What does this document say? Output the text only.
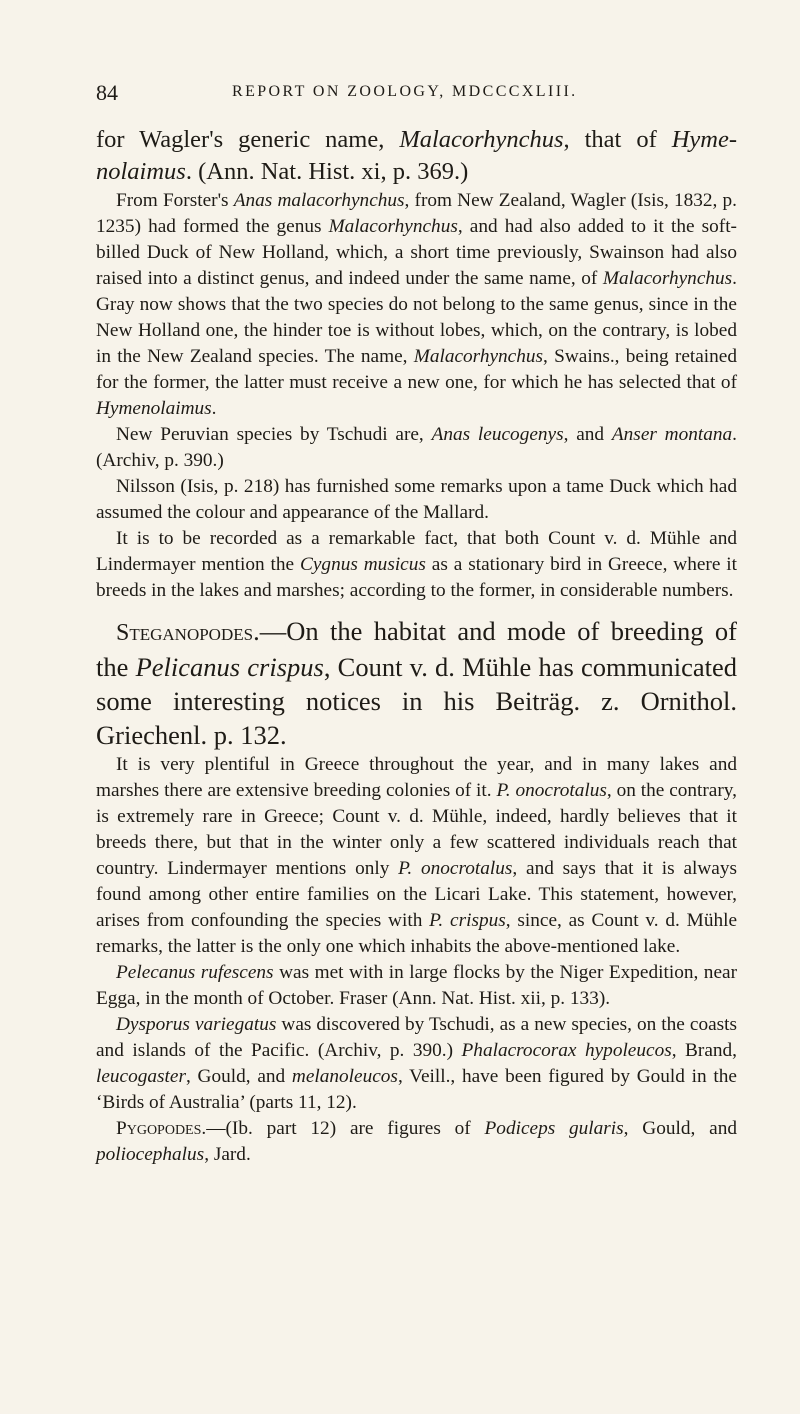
84	REPORT ON ZOOLOGY, MDCCCXLIII.

for Wagler's generic name, Malacorhynchus, that of Hymenolaimus. (Ann. Nat. Hist. xi, p. 369.)

From Forster's Anas malacorhynchus, from New Zealand, Wagler (Isis, 1832, p. 1235) had formed the genus Malacorhynchus, and had also added to it the soft-billed Duck of New Holland, which, a short time previously, Swainson had also raised into a distinct genus, and indeed under the same name, of Malacorhynchus. Gray now shows that the two species do not belong to the same genus, since in the New Holland one, the hinder toe is without lobes, which, on the contrary, is lobed in the New Zealand species. The name, Malacorhynchus, Swains., being retained for the former, the latter must receive a new one, for which he has selected that of Hymenolaimus.

New Peruvian species by Tschudi are, Anas leucogenys, and Anser montana. (Archiv, p. 390.)

Nilsson (Isis, p. 218) has furnished some remarks upon a tame Duck which had assumed the colour and appearance of the Mallard.

It is to be recorded as a remarkable fact, that both Count v. d. Mühle and Lindermayer mention the Cygnus musicus as a stationary bird in Greece, where it breeds in the lakes and marshes; according to the former, in considerable numbers.

Steganopodes.—On the habitat and mode of breeding of the Pelicanus crispus, Count v. d. Mühle has communicated some interesting notices in his Beiträg. z. Ornithol. Griechenl. p. 132.

It is very plentiful in Greece throughout the year, and in many lakes and marshes there are extensive breeding colonies of it. P. onocrotalus, on the contrary, is extremely rare in Greece; Count v. d. Mühle, indeed, hardly believes that it breeds there, but that in the winter only a few scattered individuals reach that country. Lindermayer mentions only P. onocrotalus, and says that it is always found among other entire families on the Licari Lake. This statement, however, arises from confounding the species with P. crispus, since, as Count v. d. Mühle remarks, the latter is the only one which inhabits the above-mentioned lake.

Pelecanus rufescens was met with in large flocks by the Niger Expedition, near Egga, in the month of October. Fraser (Ann. Nat. Hist. xii, p. 133).

Dysporus variegatus was discovered by Tschudi, as a new species, on the coasts and islands of the Pacific. (Archiv, p. 390.) Phalacrocorax hypoleucos, Brand, leucogaster, Gould, and melanoleucos, Veill., have been figured by Gould in the ‘Birds of Australia’ (parts 11, 12).

Pygopodes.—(Ib. part 12) are figures of Podiceps gularis, Gould, and poliocephalus, Jard.
